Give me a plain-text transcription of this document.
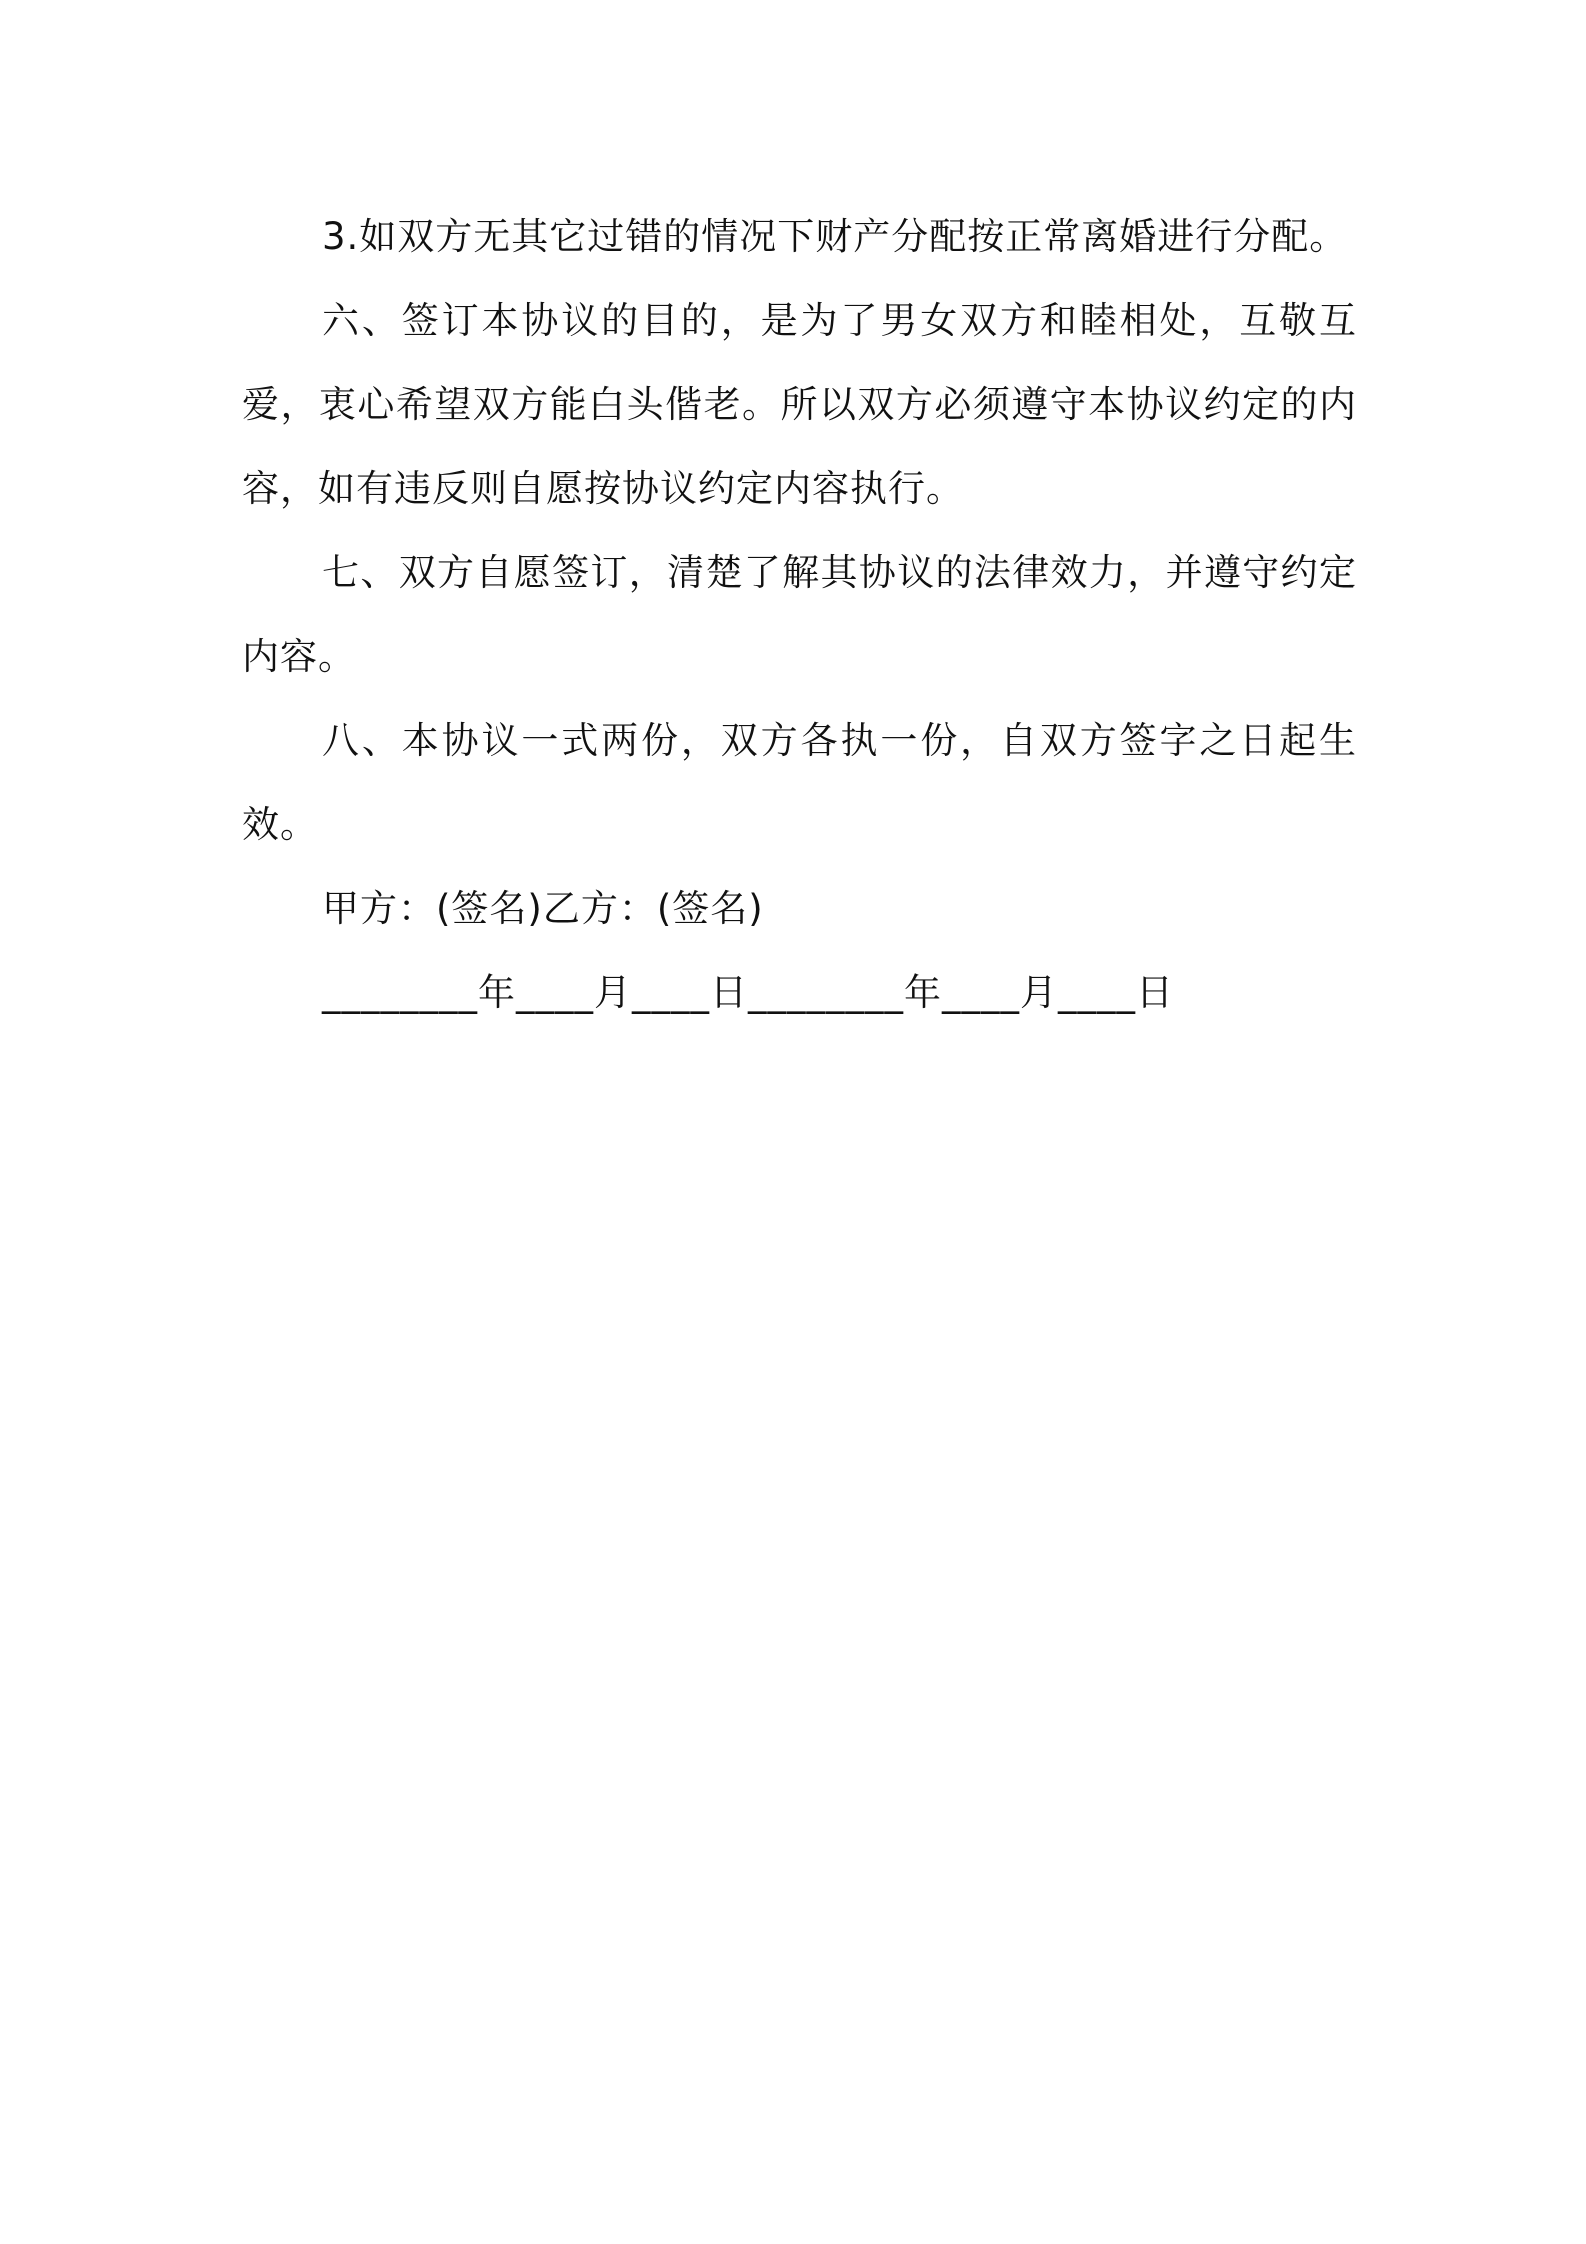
3.如双方无其它过错的情况下财产分配按正常离婚进行分配。

六、签订本协议的目的，是为了男女双方和睦相处，互敬互爱，衷心希望双方能白头偕老。所以双方必须遵守本协议约定的内容，如有违反则自愿按协议约定内容执行。

七、双方自愿签订，清楚了解其协议的法律效力，并遵守约定内容。

八、本协议一式两份，双方各执一份，自双方签字之日起生效。

甲方：(签名)乙方：(签名)

________年____月____日________年____月____日
